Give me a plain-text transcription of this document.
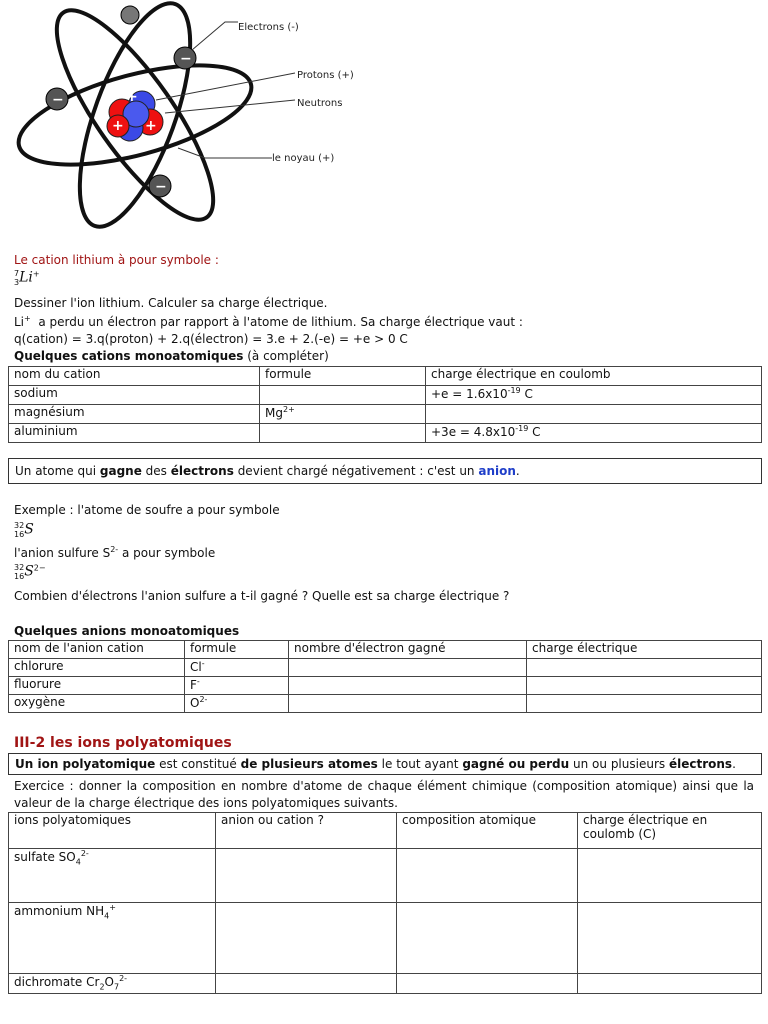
+
+ +
−
−
−
Electrons (-)
Protons (+)
Neutrons
le noyau (+)
Le cation lithium à pour symbole :
7
3 Li+
Dessiner l'ion lithium. Calculer sa charge électrique.
Li+ a perdu un électron par rapport à l'atome de lithium. Sa charge électrique vaut :
q(cation) = 3.q(proton) + 2.q(électron) = 3.e + 2.(-e) = +e > 0 C
Quelques cations monoatomiques (à compléter)
nom du cation	formule	charge électrique en coulomb
sodium		$+e = 1.6x10^{-19}$ C
magnésium	$Mg^{2+}$	
aluminium		$+3e = 4.8x10^{-19}$ C
Un atome qui gagne des électrons devient chargé négativement : c'est un anion.
Exemple : l'atome de soufre a pour symbole
32
16 S
l'anion sulfure $S^{2-}$ a pour symbole
32
16 $S^{2-}$
Combien d'électrons l'anion sulfure a t-il gagné ? Quelle est sa charge électrique ?
Quelques anions monoatomiques
nom de l'anion cation	formule	nombre d'électron gagné	charge électrique
chlorure	Cl-		
fluorure	F-		
oxygène	$O^{2-}$		
III-2 les ions polyatomiques
Un ion polyatomique est constitué de plusieurs atomes le tout ayant gagné ou perdu un ou plusieurs électrons.
Exercice : donner la composition en nombre d'atome de chaque élément chimique (composition atomique) ainsi que la valeur de la charge électrique des ions polyatomiques suivants.
ions polyatomiques	anion ou cation ?	composition atomique	charge électrique en coulomb (C)
sulfate $SO_4^{2-}$			
ammonium $NH_4^+$			
dichromate $Cr_2O_7^{2-}$			
